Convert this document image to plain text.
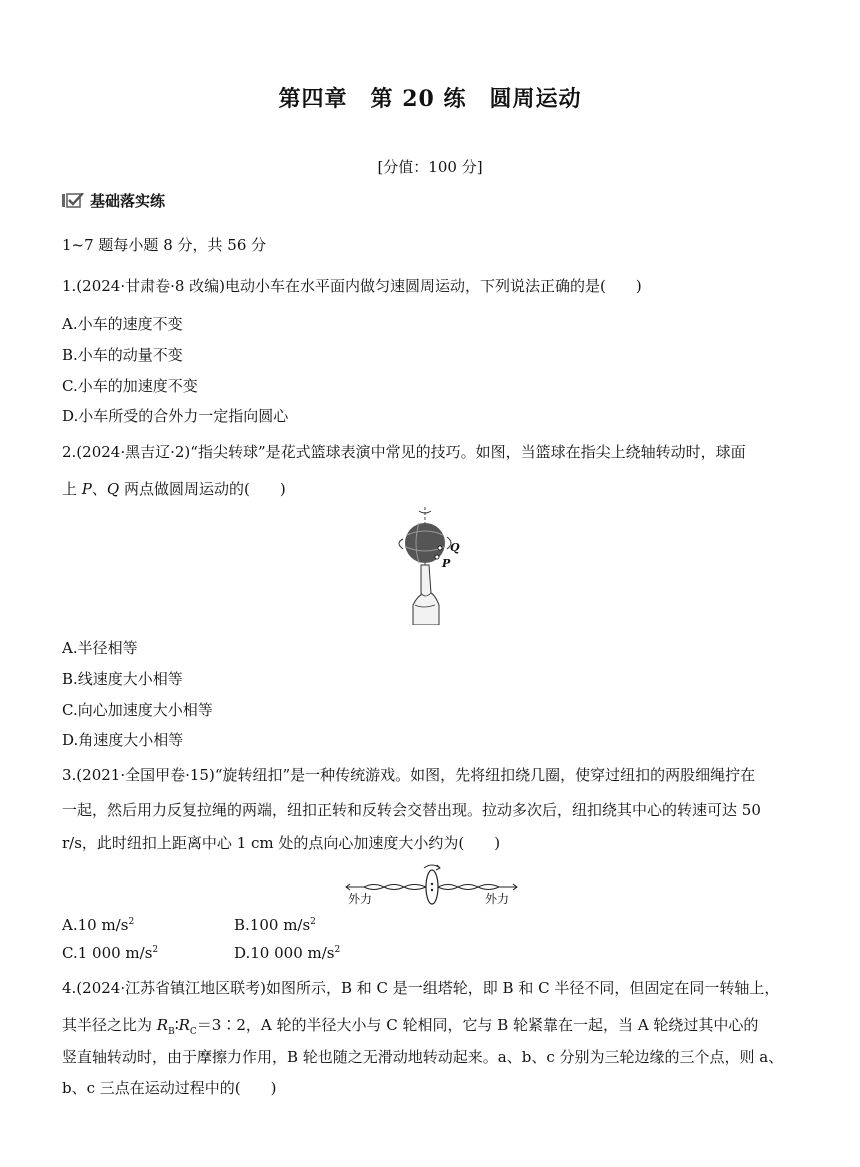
第四章　第 20 练　圆周运动
[分值：100 分]
基础落实练
1~7 题每小题 8 分，共 56 分
1.(2024·甘肃卷·8 改编)电动小车在水平面内做匀速圆周运动，下列说法正确的是(　　)
A.小车的速度不变
B.小车的动量不变
C.小车的加速度不变
D.小车所受的合外力一定指向圆心
2.(2024·黑吉辽·2)“指尖转球”是花式篮球表演中常见的技巧。如图，当篮球在指尖上绕轴转动时，球面
上 P、Q 两点做圆周运动的(　　)
Q
P
A.半径相等
B.线速度大小相等
C.向心加速度大小相等
D.角速度大小相等
3.(2021·全国甲卷·15)“旋转纽扣”是一种传统游戏。如图，先将纽扣绕几圈，使穿过纽扣的两股细绳拧在
一起，然后用力反复拉绳的两端，纽扣正转和反转会交替出现。拉动多次后，纽扣绕其中心的转速可达 50
r/s，此时纽扣上距离中心 1 cm 处的点向心加速度大小约为(　　)
外力	外力
A.10 $m/s^2$	B.100 $m/s^2$
C.1 000 $m/s^2$	D.10 000 $m/s^2$
4.(2024·江苏省镇江地区联考)如图所示，B 和 C 是一组塔轮，即 B 和 C 半径不同，但固定在同一转轴上，
其半径之比为 $R_B∶R_C=3∶2$，A 轮的半径大小与 C 轮相同，它与 B 轮紧靠在一起，当 A 轮绕过其中心的
竖直轴转动时，由于摩擦力作用，B 轮也随之无滑动地转动起来。a、b、c 分别为三轮边缘的三个点，则 a、
b、c 三点在运动过程中的(　　)
